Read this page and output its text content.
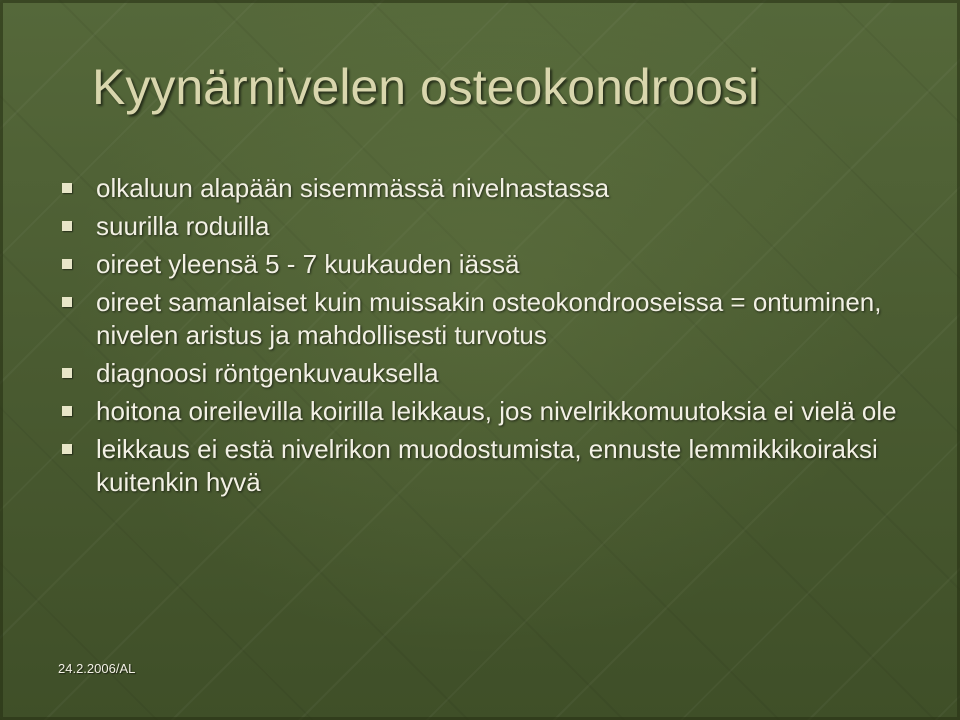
Kyynärnivelen osteokondroosi
olkaluun alapään sisemmässä nivelnastassa
suurilla roduilla
oireet yleensä 5 - 7 kuukauden iässä
oireet samanlaiset kuin muissakin osteokondrooseissa = ontuminen, nivelen aristus ja mahdollisesti turvotus
diagnoosi röntgenkuvauksella
hoitona oireilevilla koirilla leikkaus, jos nivelrikkomuutoksia ei vielä ole
leikkaus ei estä nivelrikon muodostumista, ennuste lemmikkikoiraksi kuitenkin hyvä
24.2.2006/AL
